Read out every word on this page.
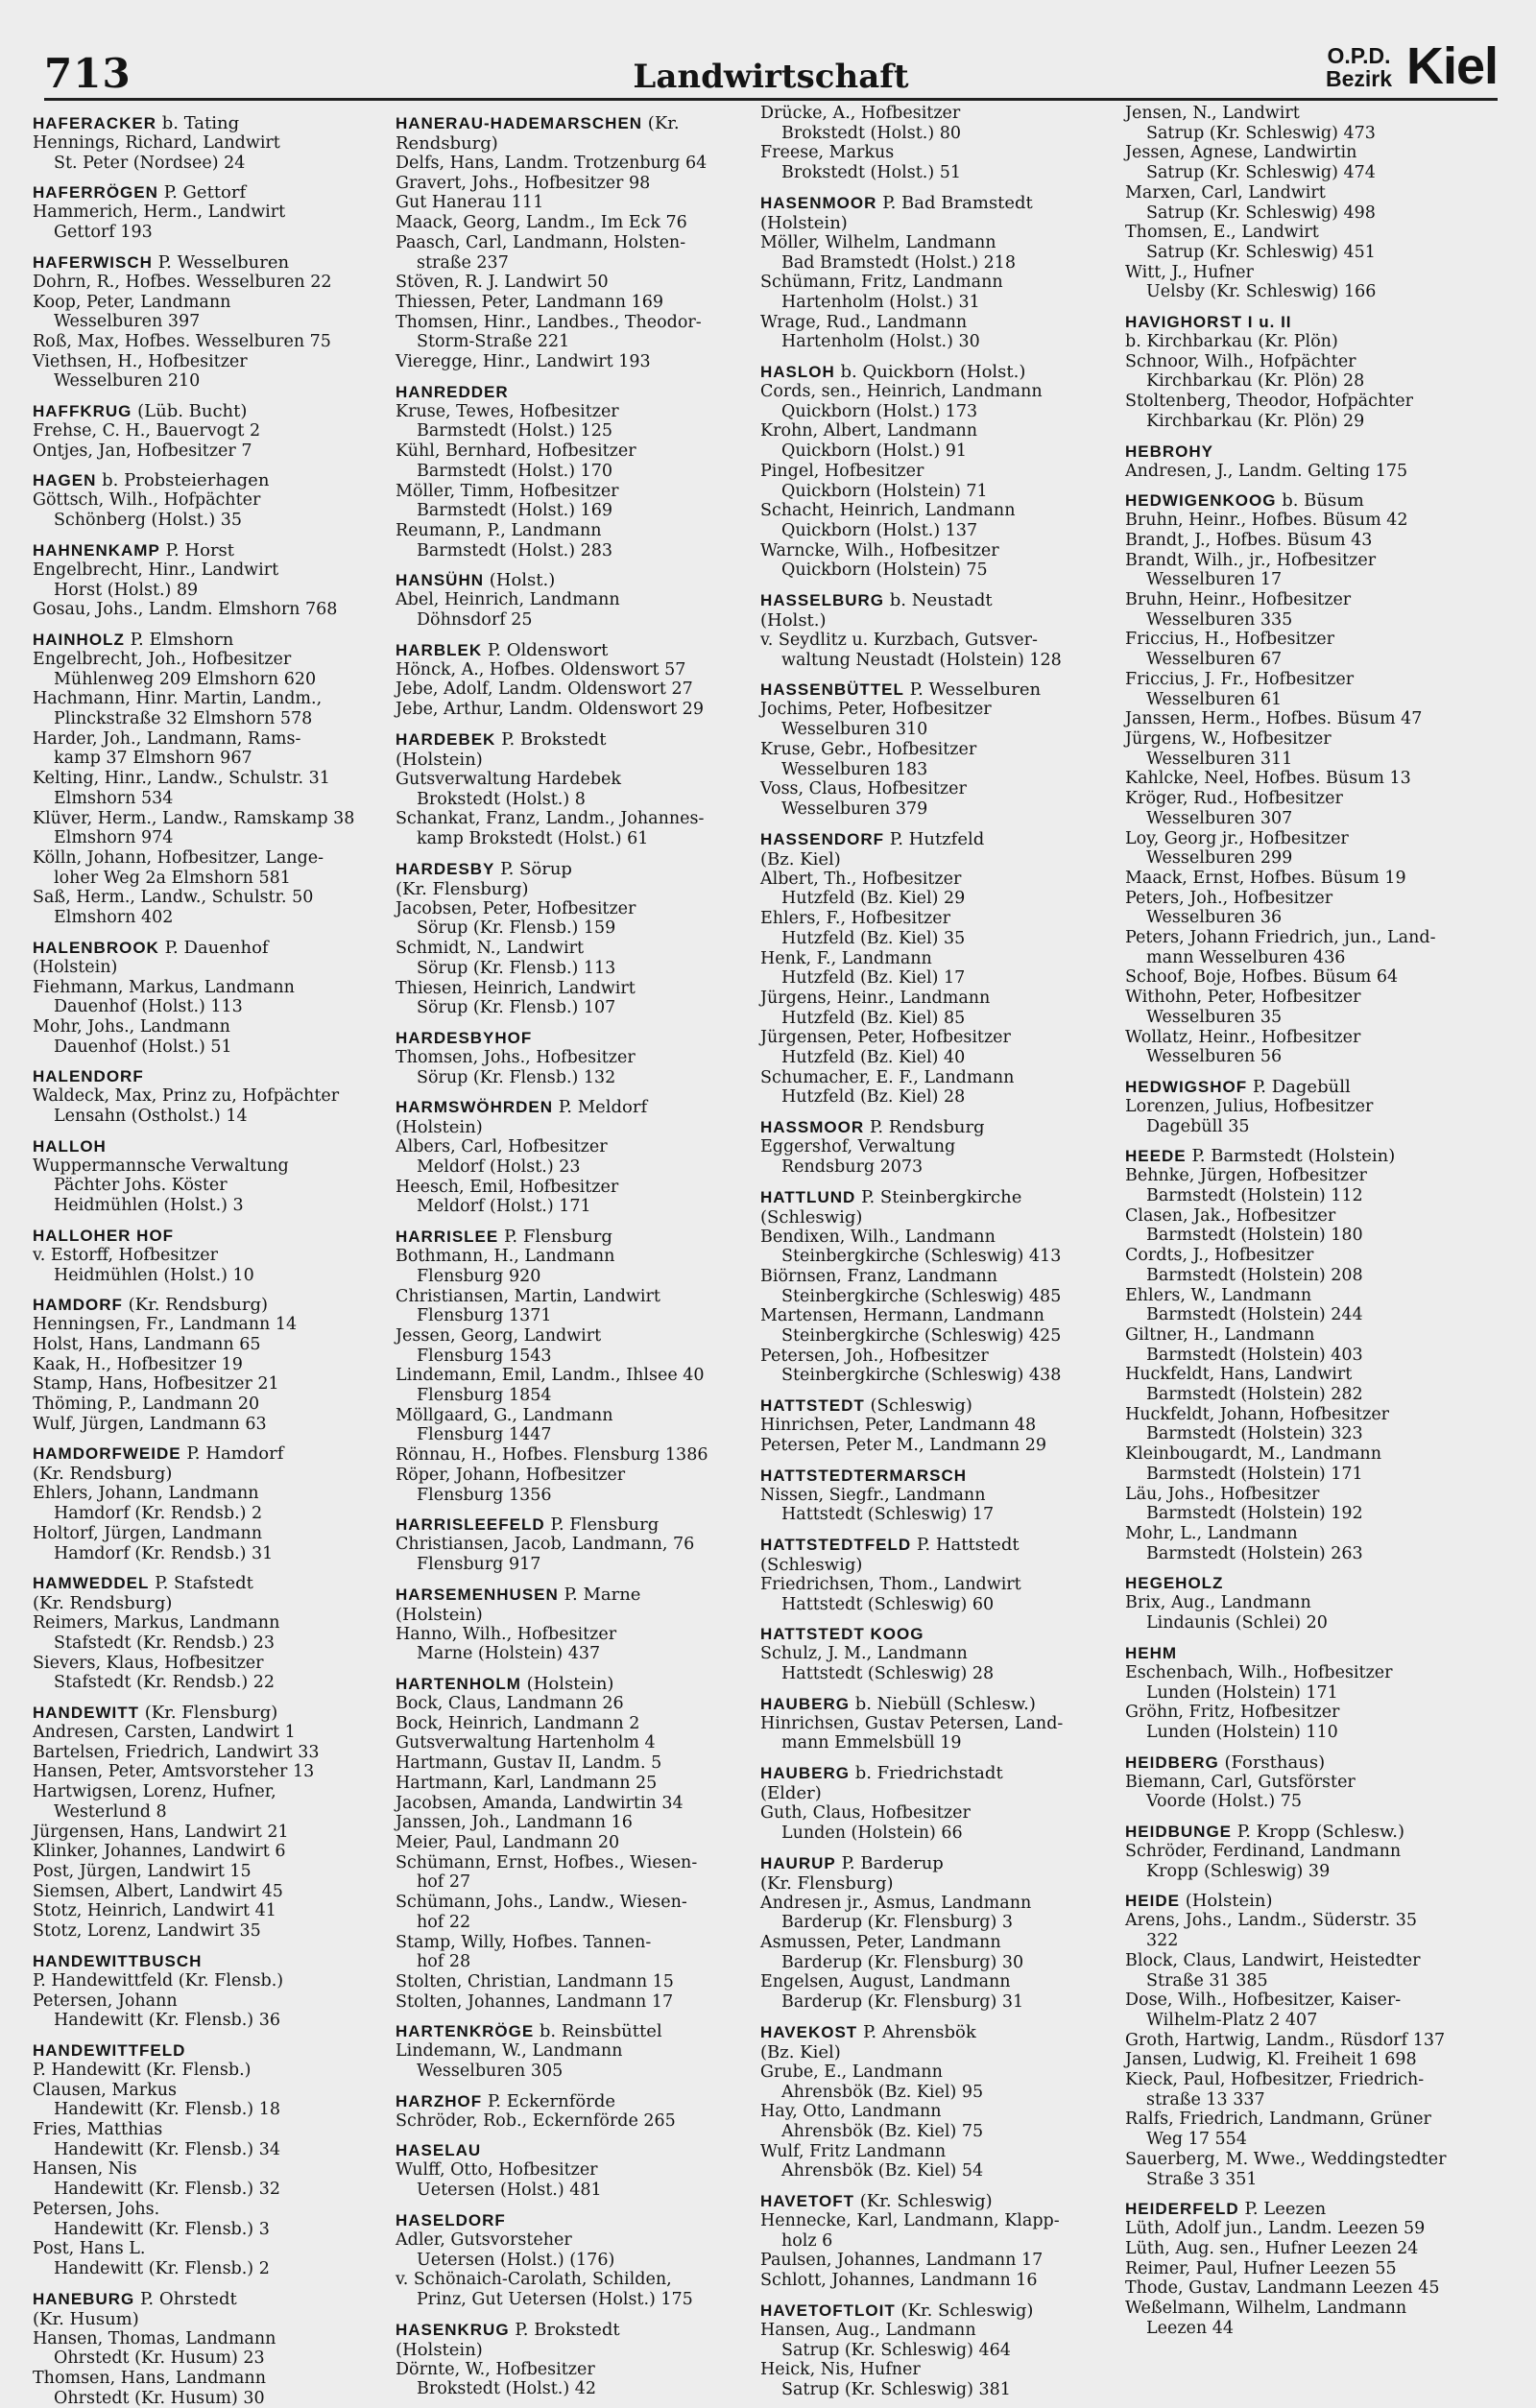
713	Landwirtschaft
O.P.D.
Bezirk Kiel
HAFERACKER b. Tating
Hennings, Richard, Landwirt
St. Peter (Nordsee) 24
HAFERRÖGEN P. Gettorf
Hammerich, Herm., Landwirt
Gettorf 193
HAFERWISCH P. Wesselburen
Dohrn, R., Hofbes. Wesselburen 22
Koop, Peter, Landmann
Wesselburen 397
Roß, Max, Hofbes. Wesselburen 75
Viethsen, H., Hofbesitzer
Wesselburen 210
HAFFKRUG (Lüb. Bucht)
Frehse, C. H., Bauervogt 2
Ontjes, Jan, Hofbesitzer 7
HAGEN b. Probsteierhagen
Göttsch, Wilh., Hofpächter
Schönberg (Holst.) 35
HAHNENKAMP P. Horst
Engelbrecht, Hinr., Landwirt
Horst (Holst.) 89
Gosau, Johs., Landm. Elmshorn 768
HAINHOLZ P. Elmshorn
Engelbrecht, Joh., Hofbesitzer
Mühlenweg 209 Elmshorn 620
Hachmann, Hinr. Martin, Landm.,
Plinckstraße 32 Elmshorn 578
Harder, Joh., Landmann, Rams-
kamp 37 Elmshorn 967
Kelting, Hinr., Landw., Schulstr. 31
Elmshorn 534
Klüver, Herm., Landw., Ramskamp 38
Elmshorn 974
Kölln, Johann, Hofbesitzer, Lange-
loher Weg 2a Elmshorn 581
Saß, Herm., Landw., Schulstr. 50
Elmshorn 402
HALENBROOK P. Dauenhof
(Holstein)
Fiehmann, Markus, Landmann
Dauenhof (Holst.) 113
Mohr, Johs., Landmann
Dauenhof (Holst.) 51
HALENDORF
Waldeck, Max, Prinz zu, Hofpächter
Lensahn (Ostholst.) 14
HALLOH
Wuppermannsche Verwaltung
Pächter Johs. Köster
Heidmühlen (Holst.) 3
HALLOHER HOF
v. Estorff, Hofbesitzer
Heidmühlen (Holst.) 10
HAMDORF (Kr. Rendsburg)
Henningsen, Fr., Landmann 14
Holst, Hans, Landmann 65
Kaak, H., Hofbesitzer 19
Stamp, Hans, Hofbesitzer 21
Thöming, P., Landmann 20
Wulf, Jürgen, Landmann 63
HAMDORFWEIDE P. Hamdorf
(Kr. Rendsburg)
Ehlers, Johann, Landmann
Hamdorf (Kr. Rendsb.) 2
Holtorf, Jürgen, Landmann
Hamdorf (Kr. Rendsb.) 31
HAMWEDDEL P. Stafstedt
(Kr. Rendsburg)
Reimers, Markus, Landmann
Stafstedt (Kr. Rendsb.) 23
Sievers, Klaus, Hofbesitzer
Stafstedt (Kr. Rendsb.) 22
HANDEWITT (Kr. Flensburg)
Andresen, Carsten, Landwirt 1
Bartelsen, Friedrich, Landwirt 33
Hansen, Peter, Amtsvorsteher 13
Hartwigsen, Lorenz, Hufner,
Westerlund 8
Jürgensen, Hans, Landwirt 21
Klinker, Johannes, Landwirt 6
Post, Jürgen, Landwirt 15
Siemsen, Albert, Landwirt 45
Stotz, Heinrich, Landwirt 41
Stotz, Lorenz, Landwirt 35
HANDEWITTBUSCH
P. Handewittfeld (Kr. Flensb.)
Petersen, Johann
Handewitt (Kr. Flensb.) 36
HANDEWITTFELD
P. Handewitt (Kr. Flensb.)
Clausen, Markus
Handewitt (Kr. Flensb.) 18
Fries, Matthias
Handewitt (Kr. Flensb.) 34
Hansen, Nis
Handewitt (Kr. Flensb.) 32
Petersen, Johs.
Handewitt (Kr. Flensb.) 3
Post, Hans L.
Handewitt (Kr. Flensb.) 2
HANEBURG P. Ohrstedt
(Kr. Husum)
Hansen, Thomas, Landmann
Ohrstedt (Kr. Husum) 23
Thomsen, Hans, Landmann
Ohrstedt (Kr. Husum) 30
HANERAU-HADEMARSCHEN (Kr. Rendsburg)
Delfs, Hans, Landm. Trotzenburg 64
Gravert, Johs., Hofbesitzer 98
Gut Hanerau 111
Maack, Georg, Landm., Im Eck 76
Paasch, Carl, Landmann, Holsten-
straße 237
Stöven, R. J. Landwirt 50
Thiessen, Peter, Landmann 169
Thomsen, Hinr., Landbes., Theodor-
Storm-Straße 221
Vieregge, Hinr., Landwirt 193
HANREDDER
Kruse, Tewes, Hofbesitzer
Barmstedt (Holst.) 125
Kühl, Bernhard, Hofbesitzer
Barmstedt (Holst.) 170
Möller, Timm, Hofbesitzer
Barmstedt (Holst.) 169
Reumann, P., Landmann
Barmstedt (Holst.) 283
HANSÜHN (Holst.)
Abel, Heinrich, Landmann
Döhnsdorf 25
HARBLEK P. Oldenswort
Hönck, A., Hofbes. Oldenswort 57
Jebe, Adolf, Landm. Oldenswort 27
Jebe, Arthur, Landm. Oldenswort 29
HARDEBEK P. Brokstedt
(Holstein)
Gutsverwaltung Hardebek
Brokstedt (Holst.) 8
Schankat, Franz, Landm., Johannes-
kamp Brokstedt (Holst.) 61
HARDESBY P. Sörup
(Kr. Flensburg)
Jacobsen, Peter, Hofbesitzer
Sörup (Kr. Flensb.) 159
Schmidt, N., Landwirt
Sörup (Kr. Flensb.) 113
Thiesen, Heinrich, Landwirt
Sörup (Kr. Flensb.) 107
HARDESBYHOF
Thomsen, Johs., Hofbesitzer
Sörup (Kr. Flensb.) 132
HARMSWÖHRDEN P. Meldorf
(Holstein)
Albers, Carl, Hofbesitzer
Meldorf (Holst.) 23
Heesch, Emil, Hofbesitzer
Meldorf (Holst.) 171
HARRISLEE P. Flensburg
Bothmann, H., Landmann
Flensburg 920
Christiansen, Martin, Landwirt
Flensburg 1371
Jessen, Georg, Landwirt
Flensburg 1543
Lindemann, Emil, Landm., Ihlsee 40
Flensburg 1854
Möllgaard, G., Landmann
Flensburg 1447
Rönnau, H., Hofbes. Flensburg 1386
Röper, Johann, Hofbesitzer
Flensburg 1356
HARRISLEEFELD P. Flensburg
Christiansen, Jacob, Landmann, 76
Flensburg 917
HARSEMENHUSEN P. Marne
(Holstein)
Hanno, Wilh., Hofbesitzer
Marne (Holstein) 437
HARTENHOLM (Holstein)
Bock, Claus, Landmann 26
Bock, Heinrich, Landmann 2
Gutsverwaltung Hartenholm 4
Hartmann, Gustav II, Landm. 5
Hartmann, Karl, Landmann 25
Jacobsen, Amanda, Landwirtin 34
Janssen, Joh., Landmann 16
Meier, Paul, Landmann 20
Schümann, Ernst, Hofbes., Wiesen-
hof 27
Schümann, Johs., Landw., Wiesen-
hof 22
Stamp, Willy, Hofbes. Tannen-
hof 28
Stolten, Christian, Landmann 15
Stolten, Johannes, Landmann 17
HARTENKRÖGE b. Reinsbüttel
Lindemann, W., Landmann
Wesselburen 305
HARZHOF P. Eckernförde
Schröder, Rob., Eckernförde 265
HASELAU
Wulff, Otto, Hofbesitzer
Uetersen (Holst.) 481
HASELDORF
Adler, Gutsvorsteher
Uetersen (Holst.) (176)
v. Schönaich-Carolath, Schilden,
Prinz, Gut Uetersen (Holst.) 175
HASENKRUG P. Brokstedt
(Holstein)
Dörnte, W., Hofbesitzer
Brokstedt (Holst.) 42
Drücke, A., Hofbesitzer
Brokstedt (Holst.) 80
Freese, Markus
Brokstedt (Holst.) 51
HASENMOOR P. Bad Bramstedt
(Holstein)
Möller, Wilhelm, Landmann
Bad Bramstedt (Holst.) 218
Schümann, Fritz, Landmann
Hartenholm (Holst.) 31
Wrage, Rud., Landmann
Hartenholm (Holst.) 30
HASLOH b. Quickborn (Holst.)
Cords, sen., Heinrich, Landmann
Quickborn (Holst.) 173
Krohn, Albert, Landmann
Quickborn (Holst.) 91
Pingel, Hofbesitzer
Quickborn (Holstein) 71
Schacht, Heinrich, Landmann
Quickborn (Holst.) 137
Warncke, Wilh., Hofbesitzer
Quickborn (Holstein) 75
HASSELBURG b. Neustadt
(Holst.)
v. Seydlitz u. Kurzbach, Gutsver-
waltung Neustadt (Holstein) 128
HASSENBÜTTEL P. Wesselburen
Jochims, Peter, Hofbesitzer
Wesselburen 310
Kruse, Gebr., Hofbesitzer
Wesselburen 183
Voss, Claus, Hofbesitzer
Wesselburen 379
HASSENDORF P. Hutzfeld
(Bz. Kiel)
Albert, Th., Hofbesitzer
Hutzfeld (Bz. Kiel) 29
Ehlers, F., Hofbesitzer
Hutzfeld (Bz. Kiel) 35
Henk, F., Landmann
Hutzfeld (Bz. Kiel) 17
Jürgens, Heinr., Landmann
Hutzfeld (Bz. Kiel) 85
Jürgensen, Peter, Hofbesitzer
Hutzfeld (Bz. Kiel) 40
Schumacher, E. F., Landmann
Hutzfeld (Bz. Kiel) 28
HASSMOOR P. Rendsburg
Eggershof, Verwaltung
Rendsburg 2073
HATTLUND P. Steinbergkirche
(Schleswig)
Bendixen, Wilh., Landmann
Steinbergkirche (Schleswig) 413
Biörnsen, Franz, Landmann
Steinbergkirche (Schleswig) 485
Martensen, Hermann, Landmann
Steinbergkirche (Schleswig) 425
Petersen, Joh., Hofbesitzer
Steinbergkirche (Schleswig) 438
HATTSTEDT (Schleswig)
Hinrichsen, Peter, Landmann 48
Petersen, Peter M., Landmann 29
HATTSTEDTERMARSCH
Nissen, Siegfr., Landmann
Hattstedt (Schleswig) 17
HATTSTEDTFELD P. Hattstedt
(Schleswig)
Friedrichsen, Thom., Landwirt
Hattstedt (Schleswig) 60
HATTSTEDT KOOG
Schulz, J. M., Landmann
Hattstedt (Schleswig) 28
HAUBERG b. Niebüll (Schlesw.)
Hinrichsen, Gustav Petersen, Land-
mann Emmelsbüll 19
HAUBERG b. Friedrichstadt
(Elder)
Guth, Claus, Hofbesitzer
Lunden (Holstein) 66
HAURUP P. Barderup
(Kr. Flensburg)
Andresen jr., Asmus, Landmann
Barderup (Kr. Flensburg) 3
Asmussen, Peter, Landmann
Barderup (Kr. Flensburg) 30
Engelsen, August, Landmann
Barderup (Kr. Flensburg) 31
HAVEKOST P. Ahrensbök
(Bz. Kiel)
Grube, E., Landmann
Ahrensbök (Bz. Kiel) 95
Hay, Otto, Landmann
Ahrensbök (Bz. Kiel) 75
Wulf, Fritz Landmann
Ahrensbök (Bz. Kiel) 54
HAVETOFT (Kr. Schleswig)
Hennecke, Karl, Landmann, Klapp-
holz 6
Paulsen, Johannes, Landmann 17
Schlott, Johannes, Landmann 16
HAVETOFTLOIT (Kr. Schleswig)
Hansen, Aug., Landmann
Satrup (Kr. Schleswig) 464
Heick, Nis, Hufner
Satrup (Kr. Schleswig) 381
Jensen, N., Landwirt
Satrup (Kr. Schleswig) 473
Jessen, Agnese, Landwirtin
Satrup (Kr. Schleswig) 474
Marxen, Carl, Landwirt
Satrup (Kr. Schleswig) 498
Thomsen, E., Landwirt
Satrup (Kr. Schleswig) 451
Witt, J., Hufner
Uelsby (Kr. Schleswig) 166
HAVIGHORST I u. II
b. Kirchbarkau (Kr. Plön)
Schnoor, Wilh., Hofpächter
Kirchbarkau (Kr. Plön) 28
Stoltenberg, Theodor, Hofpächter
Kirchbarkau (Kr. Plön) 29
HEBROHY
Andresen, J., Landm. Gelting 175
HEDWIGENKOOG b. Büsum
Bruhn, Heinr., Hofbes. Büsum 42
Brandt, J., Hofbes. Büsum 43
Brandt, Wilh., jr., Hofbesitzer
Wesselburen 17
Bruhn, Heinr., Hofbesitzer
Wesselburen 335
Friccius, H., Hofbesitzer
Wesselburen 67
Friccius, J. Fr., Hofbesitzer
Wesselburen 61
Janssen, Herm., Hofbes. Büsum 47
Jürgens, W., Hofbesitzer
Wesselburen 311
Kahlcke, Neel, Hofbes. Büsum 13
Kröger, Rud., Hofbesitzer
Wesselburen 307
Loy, Georg jr., Hofbesitzer
Wesselburen 299
Maack, Ernst, Hofbes. Büsum 19
Peters, Joh., Hofbesitzer
Wesselburen 36
Peters, Johann Friedrich, jun., Land-
mann Wesselburen 436
Schoof, Boje, Hofbes. Büsum 64
Withohn, Peter, Hofbesitzer
Wesselburen 35
Wollatz, Heinr., Hofbesitzer
Wesselburen 56
HEDWIGSHOF P. Dagebüll
Lorenzen, Julius, Hofbesitzer
Dagebüll 35
HEEDE P. Barmstedt (Holstein)
Behnke, Jürgen, Hofbesitzer
Barmstedt (Holstein) 112
Clasen, Jak., Hofbesitzer
Barmstedt (Holstein) 180
Cordts, J., Hofbesitzer
Barmstedt (Holstein) 208
Ehlers, W., Landmann
Barmstedt (Holstein) 244
Giltner, H., Landmann
Barmstedt (Holstein) 403
Huckfeldt, Hans, Landwirt
Barmstedt (Holstein) 282
Huckfeldt, Johann, Hofbesitzer
Barmstedt (Holstein) 323
Kleinbougardt, M., Landmann
Barmstedt (Holstein) 171
Läu, Johs., Hofbesitzer
Barmstedt (Holstein) 192
Mohr, L., Landmann
Barmstedt (Holstein) 263
HEGEHOLZ
Brix, Aug., Landmann
Lindaunis (Schlei) 20
HEHM
Eschenbach, Wilh., Hofbesitzer
Lunden (Holstein) 171
Gröhn, Fritz, Hofbesitzer
Lunden (Holstein) 110
HEIDBERG (Forsthaus)
Biemann, Carl, Gutsförster
Voorde (Holst.) 75
HEIDBUNGE P. Kropp (Schlesw.)
Schröder, Ferdinand, Landmann
Kropp (Schleswig) 39
HEIDE (Holstein)
Arens, Johs., Landm., Süderstr. 35
322
Block, Claus, Landwirt, Heistedter
Straße 31 385
Dose, Wilh., Hofbesitzer, Kaiser-
Wilhelm-Platz 2 407
Groth, Hartwig, Landm., Rüsdorf 137
Jansen, Ludwig, Kl. Freiheit 1 698
Kieck, Paul, Hofbesitzer, Friedrich-
straße 13 337
Ralfs, Friedrich, Landmann, Grüner
Weg 17 554
Sauerberg, M. Wwe., Weddingstedter
Straße 3 351
HEIDERFELD P. Leezen
Lüth, Adolf jun., Landm. Leezen 59
Lüth, Aug. sen., Hufner Leezen 24
Reimer, Paul, Hufner Leezen 55
Thode, Gustav, Landmann Leezen 45
Weßelmann, Wilhelm, Landmann
Leezen 44
